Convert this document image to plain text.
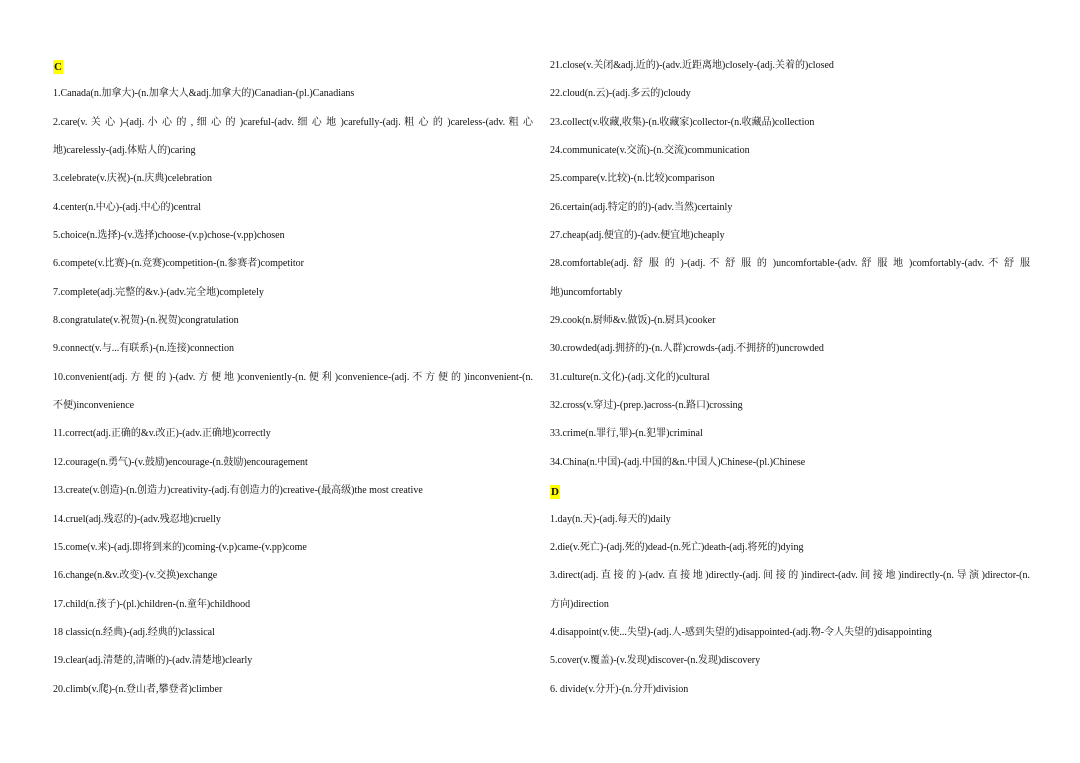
C
1.Canada(n.加拿大)-(n.加拿大人&adj.加拿大的)Canadian-(pl.)Canadians
2.care(v. 关 心 )-(adj. 小 心 的 , 细 心 的 )careful-(adv. 细 心 地 )carefully-(adj. 粗 心 的 )careless-(adv. 粗 心
地)carelessly-(adj.体贴人的)caring
3.celebrate(v.庆祝)-(n.庆典)celebration
4.center(n.中心)-(adj.中心的)central
5.choice(n.选择)-(v.选择)choose-(v.p)chose-(v.pp)chosen
6.compete(v.比赛)-(n.竞赛)competition-(n.参赛者)competitor
7.complete(adj.完整的&v.)-(adv.完全地)completely
8.congratulate(v.祝贺)-(n.祝贺)congratulation
9.connect(v.与...有联系)-(n.连接)connection
10.convenient(adj.方便的)-(adv.方便地)conveniently-(n.便利)convenience-(adj.不方便的)inconvenient-(n.
不便)inconvenience
11.correct(adj.正确的&v.改正)-(adv.正确地)correctly
12.courage(n.勇气)-(v.鼓励)encourage-(n.鼓励)encouragement
13.create(v.创造)-(n.创造力)creativity-(adj.有创造力的)creative-(最高级)the most creative
14.cruel(adj.残忍的)-(adv.残忍地)cruelly
15.come(v.来)-(adj.即将到来的)coming-(v.p)came-(v.pp)come
16.change(n.&v.改变)-(v.交换)exchange
17.child(n.孩子)-(pl.)children-(n.童年)childhood
18 classic(n.经典)-(adj.经典的)classical
19.clear(adj.清楚的,清晰的)-(adv.清楚地)clearly
20.climb(v.爬)-(n.登山者,攀登者)climber
21.close(v.关闭&adj.近的)-(adv.近距离地)closely-(adj.关着的)closed
22.cloud(n.云)-(adj.多云的)cloudy
23.collect(v.收藏,收集)-(n.收藏家)collector-(n.收藏品)collection
24.communicate(v.交流)-(n.交流)communication
25.compare(v.比较)-(n.比较)comparison
26.certain(adj.特定的的)-(adv.当然)certainly
27.cheap(adj.便宜的)-(adv.便宜地)cheaply
28.comfortable(adj. 舒 服 的 )-(adj. 不 舒 服 的 )uncomfortable-(adv. 舒 服 地 )comfortably-(adv. 不 舒 服
地)uncomfortably
29.cook(n.厨师&v.做饭)-(n.厨具)cooker
30.crowded(adj.拥挤的)-(n.人群)crowds-(adj.不拥挤的)uncrowded
31.culture(n.文化)-(adj.文化的)cultural
32.cross(v.穿过)-(prep.)across-(n.路口)crossing
33.crime(n.罪行,罪)-(n.犯罪)criminal
34.China(n.中国)-(adj.中国的&n.中国人)Chinese-(pl.)Chinese
D
1.day(n.天)-(adj.每天的)daily
2.die(v.死亡)-(adj.死的)dead-(n.死亡)death-(adj.将死的)dying
3.direct(adj.直接的)-(adv.直接地)directly-(adj.间接的)indirect-(adv.间接地)indirectly-(n.导演)director-(n.
方向)direction
4.disappoint(v.使...失望)-(adj.人-感到失望的)disappointed-(adj.物-令人失望的)disappointing
5.cover(v.覆盖)-(v.发现)discover-(n.发现)discovery
6. divide(v.分开)-(n.分开)division
